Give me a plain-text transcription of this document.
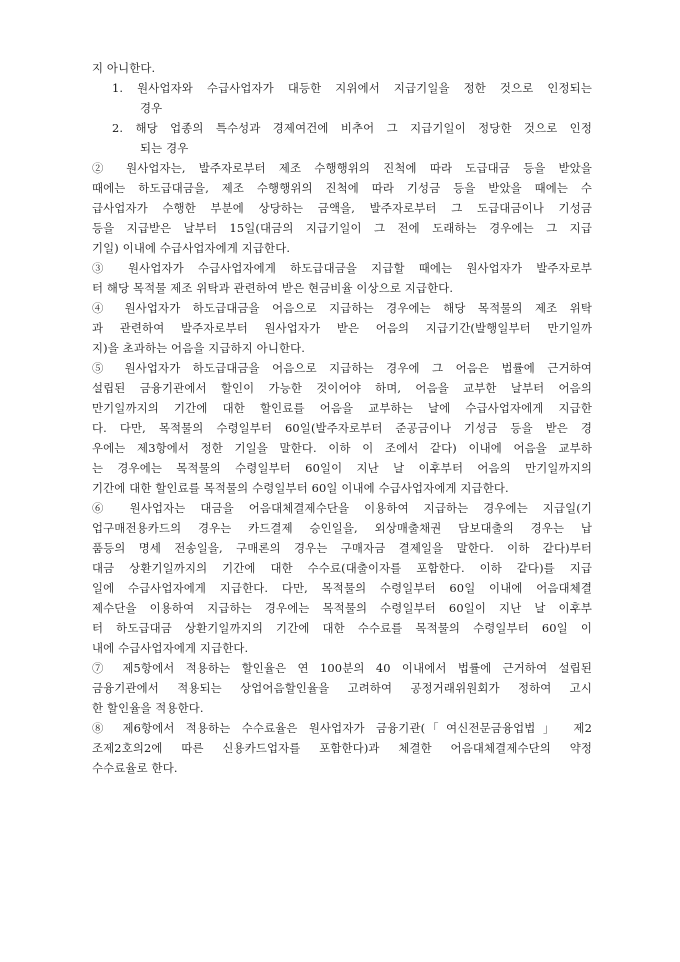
지 아니한다.
1. 원사업자와 수급사업자가 대등한 지위에서 지급기일을 정한 것으로 인정되는
경우
2. 해당 업종의 특수성과 경제여건에 비추어 그 지급기일이 정당한 것으로 인정
되는 경우
② 원사업자는, 발주자로부터 제조 수행행위의 진척에 따라 도급대금 등을 받았을
때에는 하도급대금을, 제조 수행행위의 진척에 따라 기성금 등을 받았을 때에는 수
급사업자가 수행한 부분에 상당하는 금액을, 발주자로부터 그 도급대금이나 기성금
등을 지급받은 날부터 15일(대금의 지급기일이 그 전에 도래하는 경우에는 그 지급
기일) 이내에 수급사업자에게 지급한다.
③ 원사업자가 수급사업자에게 하도급대금을 지급할 때에는 원사업자가 발주자로부
터 해당 목적물 제조 위탁과 관련하여 받은 현금비율 이상으로 지급한다.
④ 원사업자가 하도급대금을 어음으로 지급하는 경우에는 해당 목적물의 제조 위탁
과 관련하여 발주자로부터 원사업자가 받은 어음의 지급기간(발행일부터 만기일까
지)을 초과하는 어음을 지급하지 아니한다.
⑤ 원사업자가 하도급대금을 어음으로 지급하는 경우에 그 어음은 법률에 근거하여
설립된 금융기관에서 할인이 가능한 것이어야 하며, 어음을 교부한 날부터 어음의
만기일까지의 기간에 대한 할인료를 어음을 교부하는 날에 수급사업자에게 지급한
다. 다만, 목적물의 수령일부터 60일(발주자로부터 준공금이나 기성금 등을 받은 경
우에는 제3항에서 정한 기일을 말한다. 이하 이 조에서 같다) 이내에 어음을 교부하
는 경우에는 목적물의 수령일부터 60일이 지난 날 이후부터 어음의 만기일까지의
기간에 대한 할인료를 목적물의 수령일부터 60일 이내에 수급사업자에게 지급한다.
⑥ 원사업자는 대금을 어음대체결제수단을 이용하여 지급하는 경우에는 지급일(기
업구매전용카드의 경우는 카드결제 승인일을, 외상매출채권 담보대출의 경우는 납
품등의 명세 전송일을, 구매론의 경우는 구매자금 결제일을 말한다. 이하 같다)부터
대금 상환기일까지의 기간에 대한 수수료(대출이자를 포함한다. 이하 같다)를 지급
일에 수급사업자에게 지급한다. 다만, 목적물의 수령일부터 60일 이내에 어음대체결
제수단을 이용하여 지급하는 경우에는 목적물의 수령일부터 60일이 지난 날 이후부
터 하도급대금 상환기일까지의 기간에 대한 수수료를 목적물의 수령일부터 60일 이
내에 수급사업자에게 지급한다.
⑦ 제5항에서 적용하는 할인율은 연 100분의 40 이내에서 법률에 근거하여 설립된
금융기관에서 적용되는 상업어음할인율을 고려하여 공정거래위원회가 정하여 고시
한 할인율을 적용한다.
⑧ 제6항에서 적용하는 수수료율은 원사업자가 금융기관(「여신전문금융업법」 제2
조제2호의2에 따른 신용카드업자를 포함한다)과 체결한 어음대체결제수단의 약정
수수료율로 한다.
